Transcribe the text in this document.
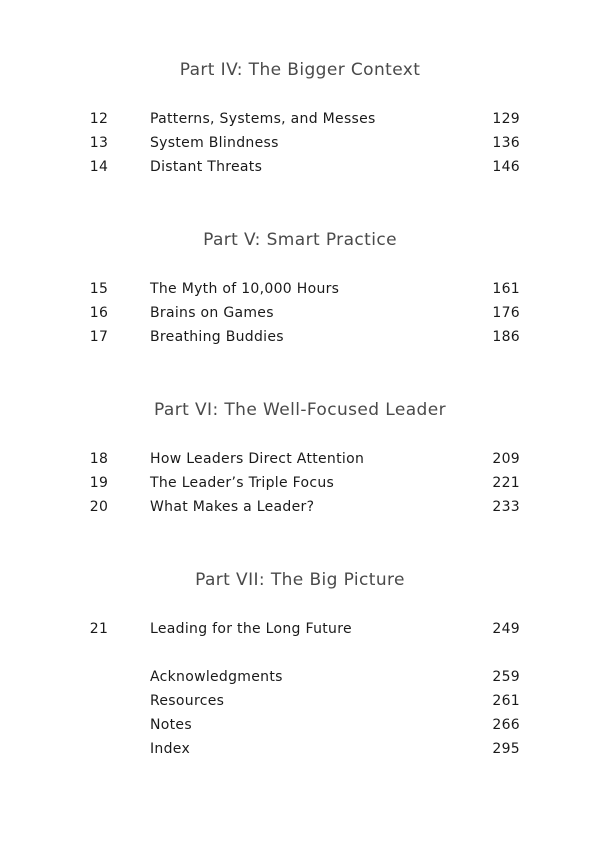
Part IV: The Bigger Context
12	Patterns, Systems, and Messes	129
13	System Blindness	136
14	Distant Threats	146
Part V: Smart Practice
15	The Myth of 10,000 Hours	161
16	Brains on Games	176
17	Breathing Buddies	186
Part VI: The Well-Focused Leader
18	How Leaders Direct Attention	209
19	The Leader’s Triple Focus	221
20	What Makes a Leader?	233
Part VII: The Big Picture
21	Leading for the Long Future	249
Acknowledgments	259
Resources	261
Notes	266
Index	295
